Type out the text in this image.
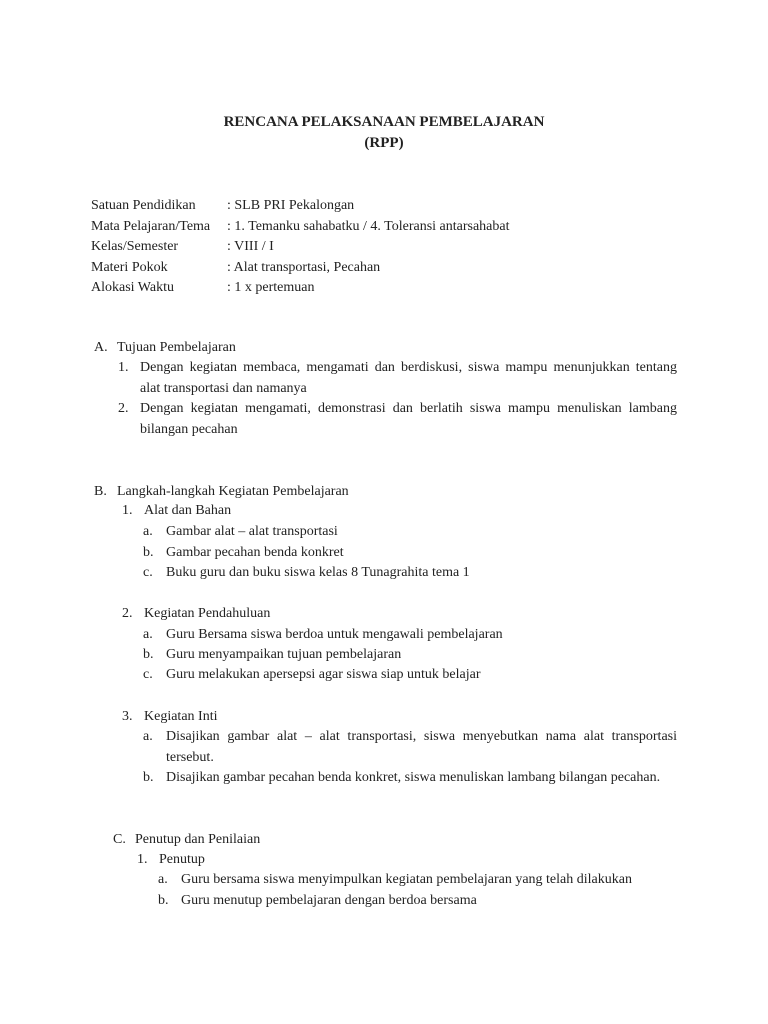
RENCANA PELAKSANAAN PEMBELAJARAN
(RPP)
Satuan Pendidikan	: SLB PRI Pekalongan
Mata Pelajaran/Tema	: 1. Temanku sahabatku / 4. Toleransi antarsahabat
Kelas/Semester	: VIII / I
Materi Pokok	: Alat transportasi, Pecahan
Alokasi Waktu	: 1 x pertemuan
A. Tujuan Pembelajaran
1. Dengan kegiatan membaca, mengamati dan berdiskusi, siswa mampu menunjukkan tentang alat transportasi dan namanya
2. Dengan kegiatan mengamati, demonstrasi dan berlatih siswa mampu menuliskan lambang bilangan pecahan
B. Langkah-langkah Kegiatan Pembelajaran
1. Alat dan Bahan
a. Gambar alat – alat transportasi
b. Gambar pecahan benda konkret
c. Buku guru dan buku siswa kelas 8 Tunagrahita tema 1
2. Kegiatan Pendahuluan
a. Guru Bersama siswa berdoa untuk mengawali pembelajaran
b. Guru menyampaikan tujuan pembelajaran
c. Guru melakukan apersepsi agar siswa siap untuk belajar
3. Kegiatan Inti
a. Disajikan gambar alat – alat transportasi, siswa menyebutkan nama alat transportasi tersebut.
b. Disajikan gambar pecahan benda konkret, siswa menuliskan lambang bilangan pecahan.
C. Penutup dan Penilaian
1. Penutup
a. Guru bersama siswa menyimpulkan kegiatan pembelajaran yang telah dilakukan
b. Guru menutup pembelajaran dengan berdoa bersama
